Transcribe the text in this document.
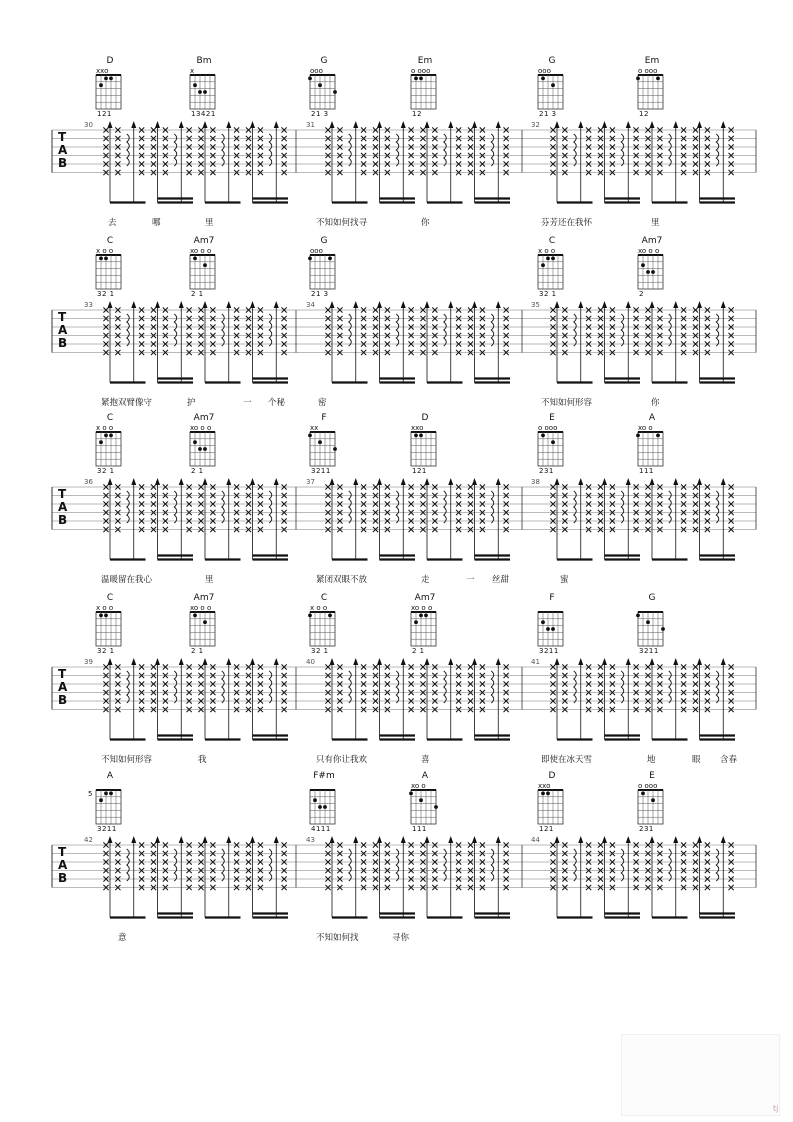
D
xxo
121
Bm
x
13421
G
ooo
21 3
Em
o ooo
12
G
ooo
21 3
Em
o ooo
12
T
A
B
30	31	32
去	哪	里	不知如何找寻	你	芬芳还在我怀	里
C
x o o
32 1
Am7
xo o o
2 1
G
ooo
21 3
C
x o o
32 1
Am7
xo o o
2
T
A
B
33	34	35
紧抱双臂像守	护	一 个秘	密	不知如何形容	你
C
x o o
32 1
Am7
xo o o
2 1
F
xx
3211
D
xxo
121
E
o ooo
231
A
xo o
111
T
A
B
36	37	38
温暖留在我心	里	紧闭双眼不放	走	一 丝甜	蜜
C
x o o
32 1
Am7
xo o o
2 1
C
x o o
32 1
Am7
xo o o
2 1
F
3211
G
3211
T
A
B
39	40	41
不知如何形容	我	只有你让我欢	喜	即使在冰天雪	地	眼 含春
A
5
3211
F#m
4111
A
xo o
111
D
xxo
121
E
o ooo
231
T
A
B
42	43	44
意	不知如何找	寻你
tj
